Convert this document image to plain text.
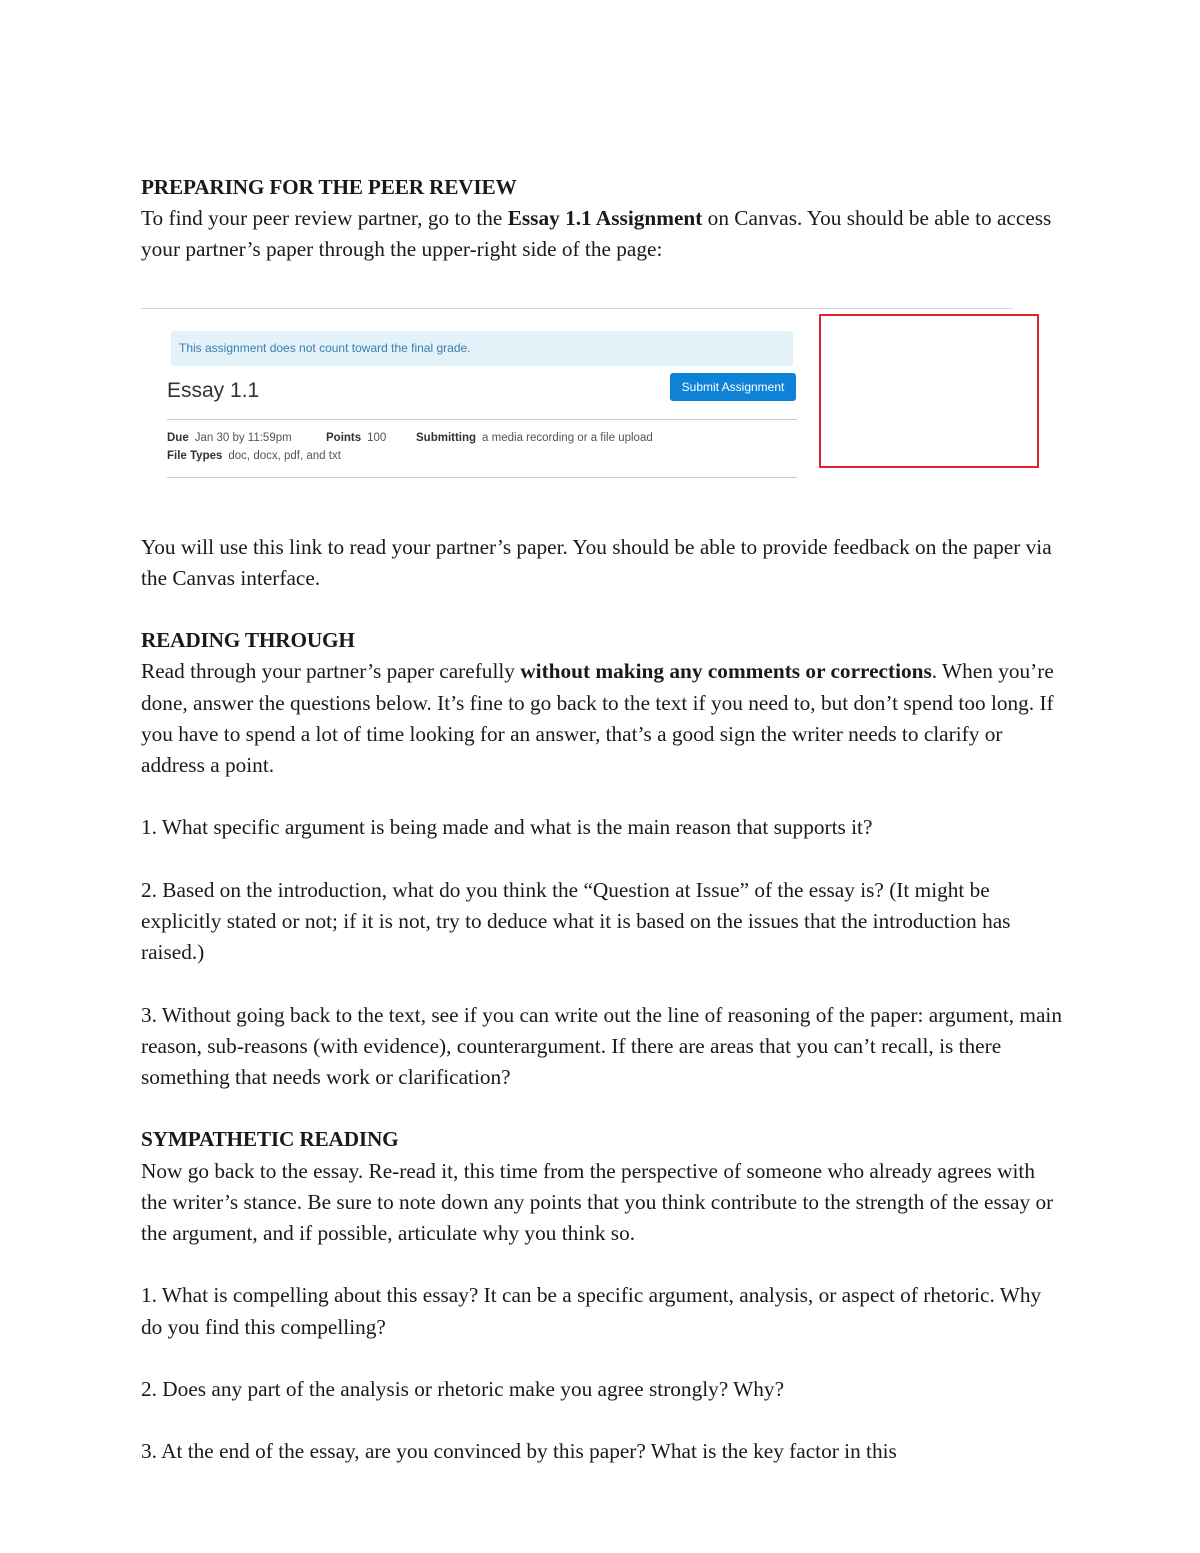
PREPARING FOR THE PEER REVIEW

To find your peer review partner, go to the Essay 1.1 Assignment on Canvas. You should be able to access your partner’s paper through the upper-right side of the page:

This assignment does not count toward the final grade.
Essay 1.1	Submit Assignment
Due Jan 30 by 11:59pm	Points 100	Submitting a media recording or a file upload
File Types doc, docx, pdf, and txt

You will use this link to read your partner’s paper. You should be able to provide feedback on the paper via the Canvas interface.

READING THROUGH

Read through your partner’s paper carefully without making any comments or corrections. When you’re done, answer the questions below. It’s fine to go back to the text if you need to, but don’t spend too long. If you have to spend a lot of time looking for an answer, that’s a good sign the writer needs to clarify or address a point.

1. What specific argument is being made and what is the main reason that supports it?

2. Based on the introduction, what do you think the “Question at Issue” of the essay is? (It might be explicitly stated or not; if it is not, try to deduce what it is based on the issues that the introduction has raised.)

3. Without going back to the text, see if you can write out the line of reasoning of the paper: argument, main reason, sub-reasons (with evidence), counterargument. If there are areas that you can’t recall, is there something that needs work or clarification?

SYMPATHETIC READING

Now go back to the essay. Re-read it, this time from the perspective of someone who already agrees with the writer’s stance. Be sure to note down any points that you think contribute to the strength of the essay or the argument, and if possible, articulate why you think so.

1. What is compelling about this essay? It can be a specific argument, analysis, or aspect of rhetoric. Why do you find this compelling?

2. Does any part of the analysis or rhetoric make you agree strongly? Why?

3. At the end of the essay, are you convinced by this paper? What is the key factor in this
